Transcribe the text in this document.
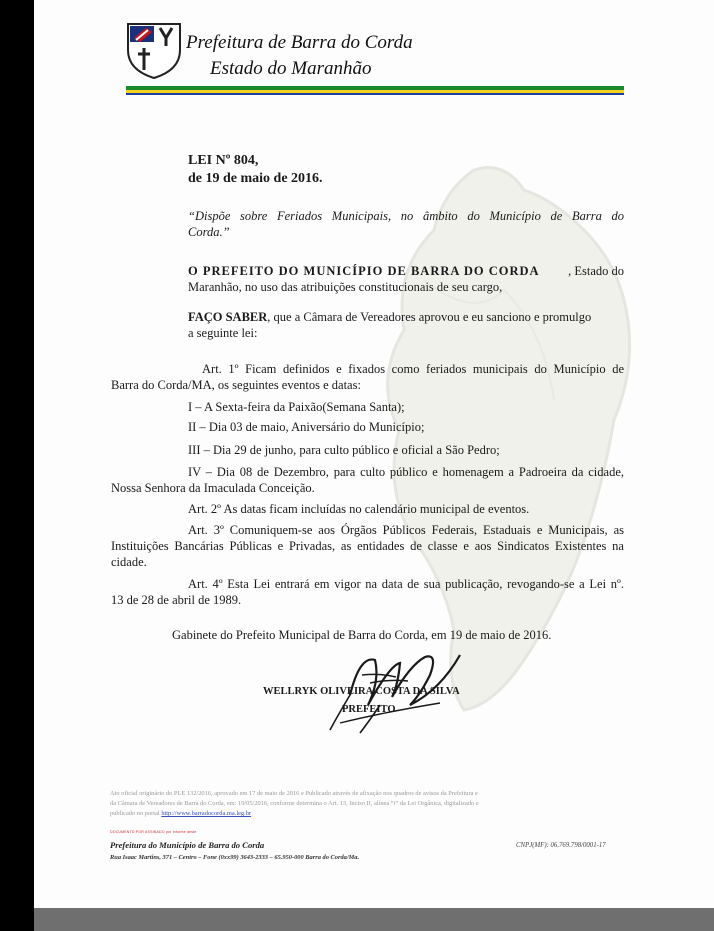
Prefeitura de Barra do Corda
Estado do Maranhão
LEI Nº 804,
de 19 de maio de 2016.
“Dispõe sobre Feriados Municipais, no âmbito do Município de Barra do
Corda.”
O PREFEITO DO MUNICÍPIO DE BARRA DO CORDA , Estado do
Maranhão, no uso das atribuições constitucionais de seu cargo,
FAÇO SABER, que a Câmara de Vereadores aprovou e eu sanciono e promulgo
a seguinte lei:
Art. 1º Ficam definidos e fixados como feriados municipais do Município de
Barra do Corda/MA, os seguintes eventos e datas:
I – A Sexta-feira da Paixão(Semana Santa);
II – Dia 03 de maio, Aniversário do Município;
III – Dia 29 de junho, para culto público e oficial a São Pedro;
IV – Dia 08 de Dezembro, para culto público e homenagem a Padroeira da cidade,
Nossa Senhora da Imaculada Conceição.
Art. 2º As datas ficam incluídas no calendário municipal de eventos.
Art. 3º Comuniquem-se aos Órgãos Públicos Federais, Estaduais e Municipais, as
Instituições Bancárias Públicas e Privadas, as entidades de classe e aos Sindicatos Existentes na
cidade.
Art. 4º Esta Lei entrará em vigor na data de sua publicação, revogando-se a Lei nº.
13 de 28 de abril de 1989.
Gabinete do Prefeito Municipal de Barra do Corda, em 19 de maio de 2016.
WELLRYK OLIVEIRA COSTA DA SILVA
PREFEITO
Ato oficial originário do PLE 132/2016, aprovado em 17 de maio de 2016 e Publicado através de afixação nos quadros de avisos da Prefeitura e
da Câmara de Vereadores de Barra do Corda, em: 19/05/2016, conforme determina o Art. 13, Inciso II, alínea “i” da Lei Orgânica, digitalizado e
publicado no portal http://www.barradocorda.ma.leg.br
DOCUMENTO POR ASSINADO por informe deste
Prefeitura do Município de Barra do Corda
Rua Isaac Martins, 371 – Centro – Fone (0xx99) 3643-2333 – 65.950-000 Barra do Corda/Ma.
CNPJ(MF): 06.769.798/0001-17
